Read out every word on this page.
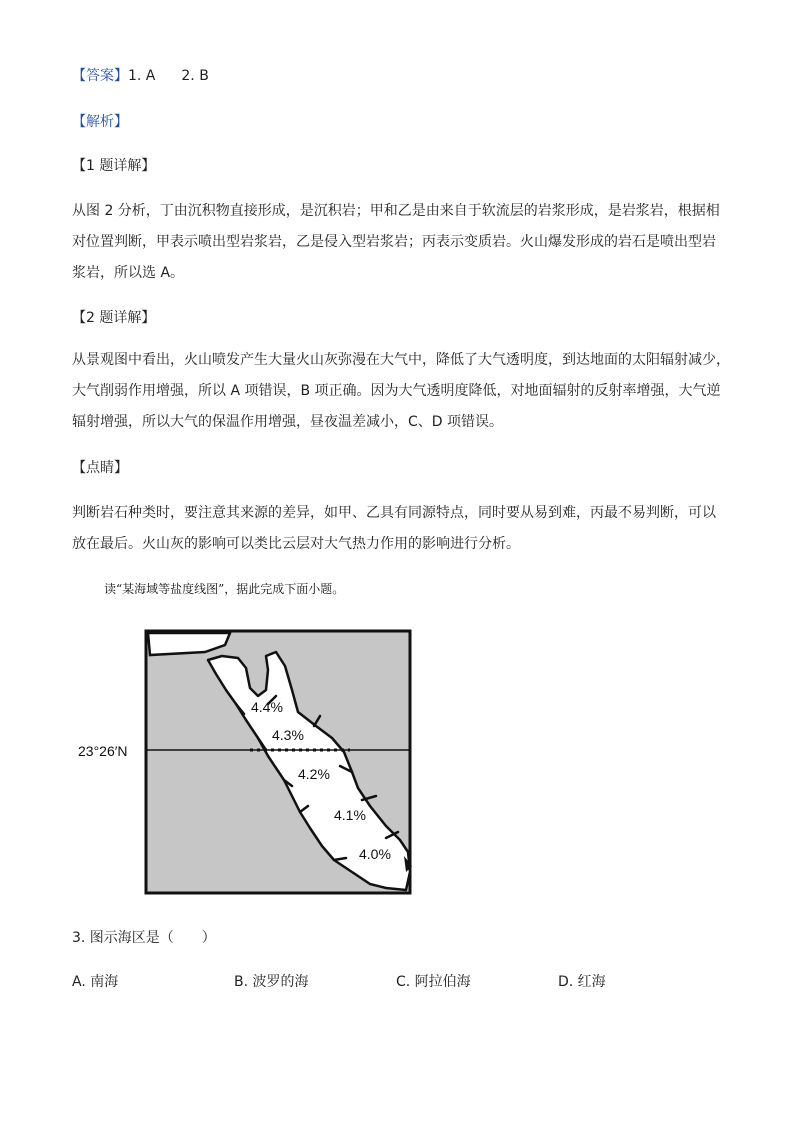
【答案】1. A 2. B
【解析】
【1 题详解】
从图 2 分析，丁由沉积物直接形成，是沉积岩；甲和乙是由来自于软流层的岩浆形成，是岩浆岩，根据相
对位置判断，甲表示喷出型岩浆岩，乙是侵入型岩浆岩；丙表示变质岩。火山爆发形成的岩石是喷出型岩
浆岩，所以选 A。
【2 题详解】
从景观图中看出，火山喷发产生大量火山灰弥漫在大气中，降低了大气透明度，到达地面的太阳辐射减少，
大气削弱作用增强，所以 A 项错误，B 项正确。因为大气透明度降低，对地面辐射的反射率增强，大气逆
辐射增强，所以大气的保温作用增强，昼夜温差减小，C、D 项错误。
【点睛】
判断岩石种类时，要注意其来源的差异，如甲、乙具有同源特点，同时要从易到难，丙最不易判断，可以
放在最后。火山灰的影响可以类比云层对大气热力作用的影响进行分析。
读“某海域等盐度线图”，据此完成下面小题。
23°26′N
4.4%
4.3%
4.2%
4.1%
4.0%
3. 图示海区是（　　）
A. 南海	B. 波罗的海	C. 阿拉伯海	D. 红海
